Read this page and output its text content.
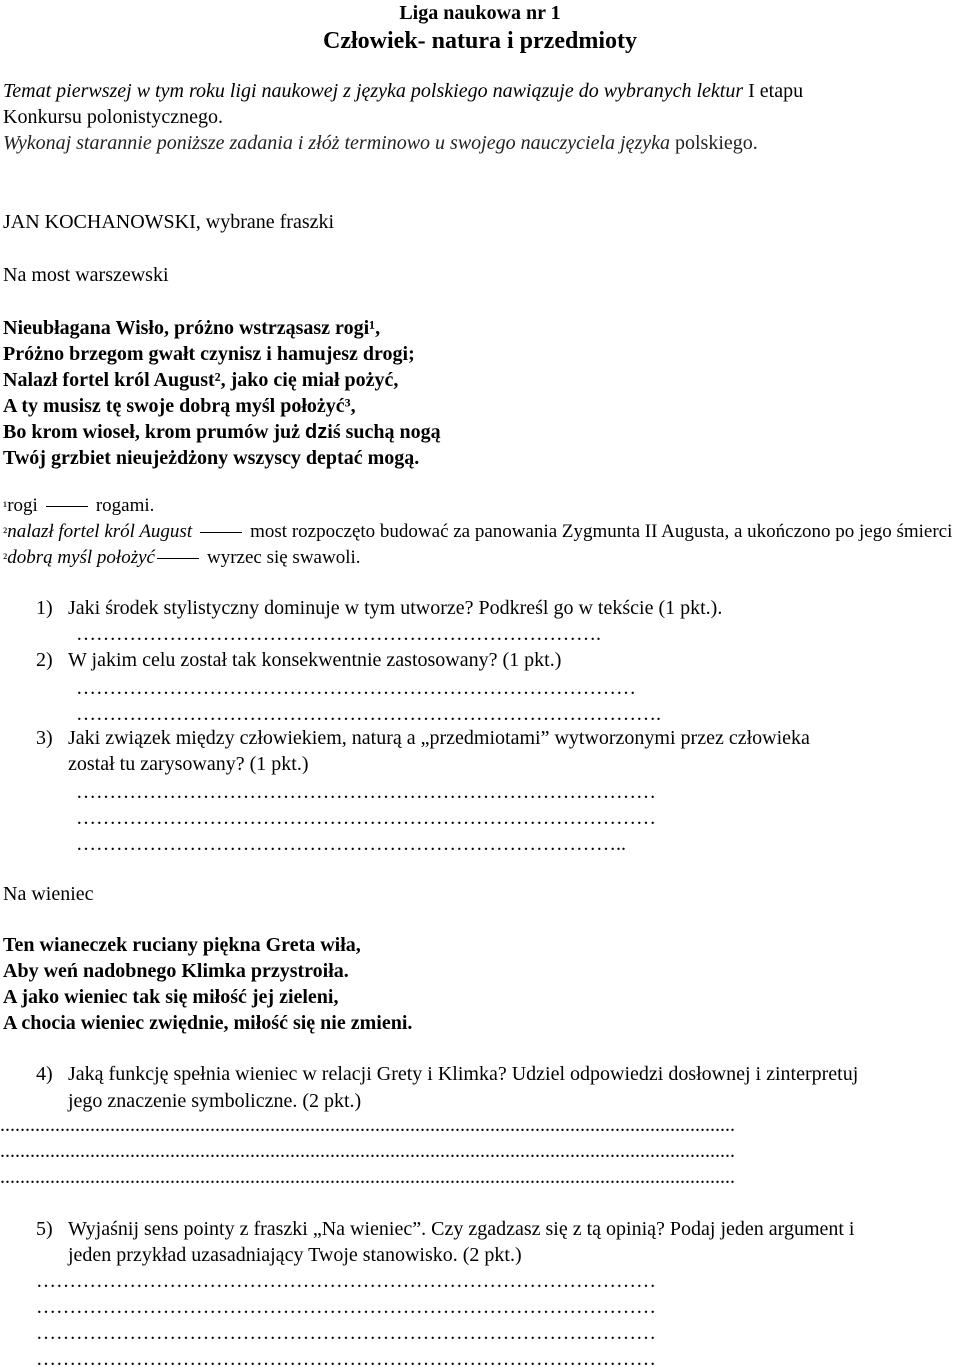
Liga naukowa nr 1
Człowiek- natura i przedmioty
Temat pierwszej w tym roku ligi naukowej z języka polskiego nawiązuje do wybranych lektur I etapu
Konkursu polonistycznego.
Wykonaj starannie poniższe zadania i złóż terminowo u swojego nauczyciela języka polskiego.
JAN KOCHANOWSKI, wybrane fraszki
Na most warszewski
Nieubłagana Wisło, próżno wstrząsasz rogi¹,
Próżno brzegom gwałt czynisz i hamujesz drogi;
Nalazł fortel król August², jako cię miał pożyć,
A ty musisz tę swoje dobrą myśl położyć³,
Bo krom wioseł, krom prumów już dziś suchą nogą
Twój grzbiet nieujeżdżony wszyscy deptać mogą.
¹rogi	rogami.
²nalazł fortel król August	most rozpoczęto budować za panowania Zygmunta II Augusta, a ukończono po jego śmierci
²dobrą myśl położyć	wyrzec się swawoli.
1) Jaki środek stylistyczny dominuje w tym utworze? Podkreśl go w tekście (1 pkt.).
…………………………………………………………………….
2) W jakim celu został tak konsekwentnie zastosowany? (1 pkt.)
…………………………………………………………………………
…………………………………………………………………………….
3) Jaki związek między człowiekiem, naturą a „przedmiotami” wytworzonymi przez człowieka
został tu zarysowany? (1 pkt.)
……………………………………………………………………………
……………………………………………………………………………
………………………………………………………………………..
Na wieniec
Ten wianeczek ruciany piękna Greta wiła,
Aby weń nadobnego Klimka przystroiła.
A jako wieniec tak się miłość jej zieleni,
A chocia wieniec zwiędnie, miłość się nie zmieni.
4) Jaką funkcję spełnia wieniec w relacji Grety i Klimka? Udziel odpowiedzi dosłownej i zinterpretuj
jego znaczenie symboliczne. (2 pkt.)
...................................................................................................................................................
...................................................................................................................................................
...................................................................................................................................................
5) Wyjaśnij sens pointy z fraszki „Na wieniec”. Czy zgadzasz się z tą opinią? Podaj jeden argument i
jeden przykład uzasadniający Twoje stanowisko. (2 pkt.)
…………………………………………………………………………………
…………………………………………………………………………………
…………………………………………………………………………………
…………………………………………………………………………………
